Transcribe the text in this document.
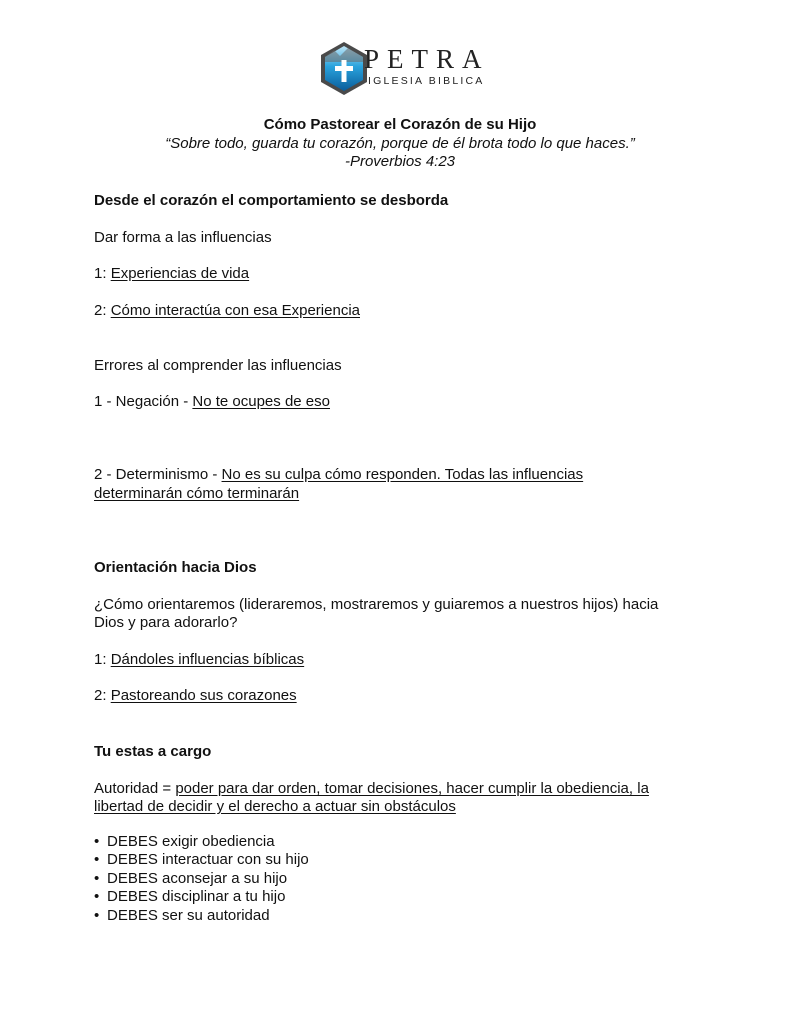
PETRA
IGLESIA BIBLICA
Cómo Pastorear el Corazón de su Hijo
“Sobre todo, guarda tu corazón, porque de él brota todo lo que haces.”
-Proverbios 4:23
Desde el corazón el comportamiento se desborda
Dar forma a las influencias
1: Experiencias de vida
2: Cómo interactúa con esa Experiencia
Errores al comprender las influencias
1 - Negación - No te ocupes de eso
2 - Determinismo - No es su culpa cómo responden. Todas las influencias
determinarán cómo terminarán
Orientación hacia Dios
¿Cómo orientaremos (lideraremos, mostraremos y guiaremos a nuestros hijos) hacia
Dios y para adorarlo?
1: Dándoles influencias bíblicas
2: Pastoreando sus corazones
Tu estas a cargo
Autoridad = poder para dar orden, tomar decisiones, hacer cumplir la obediencia, la
libertad de decidir y el derecho a actuar sin obstáculos
• DEBES exigir obediencia
• DEBES interactuar con su hijo
• DEBES aconsejar a su hijo
• DEBES disciplinar a tu hijo
• DEBES ser su autoridad
